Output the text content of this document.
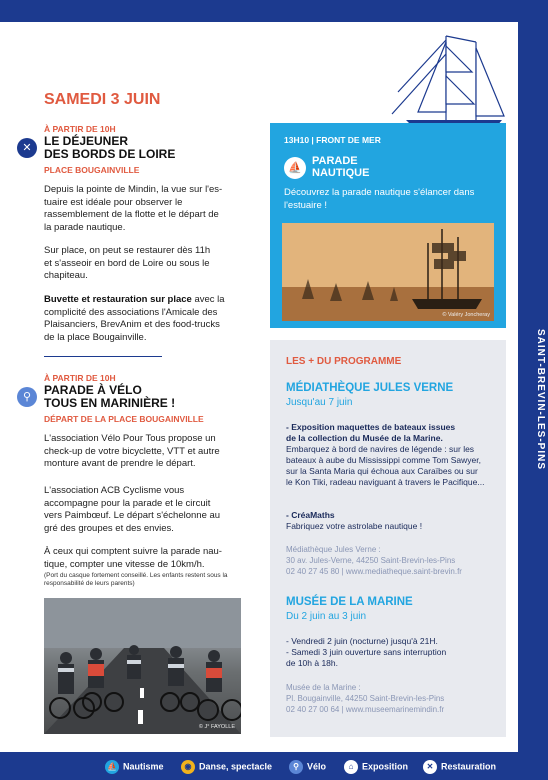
SAINT-BREVIN-LES-PINS
SAMEDI 3 JUIN
✕
À PARTIR DE 10H
LE DÉJEUNER
DES BORDS DE LOIRE
PLACE BOUGAINVILLE
Depuis la pointe de Mindin, la vue sur l'es-
tuaire est idéale pour observer le
rassemblement de la flotte et le départ de
la parade nautique.
Sur place, on peut se restaurer dès 11h
et s'asseoir en bord de Loire ou sous le
chapiteau.
Buvette et restauration sur place avec la
complicité des associations l'Amicale des
Plaisanciers, BrevAnim et des food-trucks
de la place Bougainville.
⚲
À PARTIR DE 10H
PARADE À VÉLO
TOUS EN MARINIÈRE !
DÉPART DE LA PLACE BOUGAINVILLE
L'association Vélo Pour Tous propose un
check-up de votre bicyclette, VTT et autre
monture avant de prendre le départ.
L'association ACB Cyclisme vous
accompagne pour la parade et le circuit
vers Paimbœuf. Le départ s'échelonne au
gré des groupes et des envies.
À ceux qui comptent suivre la parade nau-
tique, compter une vitesse de 10km/h.
(Port du casque fortement conseillé. Les enfants restent sous la
responsabilité de leurs parents)
© J° FAYOLLE
13H10 | FRONT DE MER
⛵
PARADE
NAUTIQUE
Découvrez la parade nautique s'élancer dans
l'estuaire !
© Valéry Joncheray
LES + DU PROGRAMME
MÉDIATHÈQUE JULES VERNE
Jusqu'au 7 juin
- Exposition maquettes de bateaux issues
de la collection du Musée de la Marine.
Embarquez à bord de navires de légende : sur les
bateaux à aube du Mississippi comme Tom Sawyer,
sur la Santa Maria qui échoua aux Caraïbes ou sur
le Kon Tiki, radeau naviguant à travers le Pacifique...
- CréaMaths
Fabriquez votre astrolabe nautique !
Médiathèque Jules Verne :
30 av. Jules-Verne, 44250 Saint-Brevin-les-Pins
02 40 27 45 80 | www.mediatheque.saint-brevin.fr
MUSÉE DE LA MARINE
Du 2 juin au 3 juin
- Vendredi 2 juin (nocturne) jusqu'à 21H.
- Samedi 3 juin ouverture sans interruption
de 10h à 18h.
Musée de la Marine :
Pl. Bougainville, 44250 Saint-Brevin-les-Pins
02 40 27 00 64 | www.museemarinemindin.fr
⛵ Nautisme	◉ Danse, spectacle	⚲ Vélo	⌂ Exposition	✕ Restauration
